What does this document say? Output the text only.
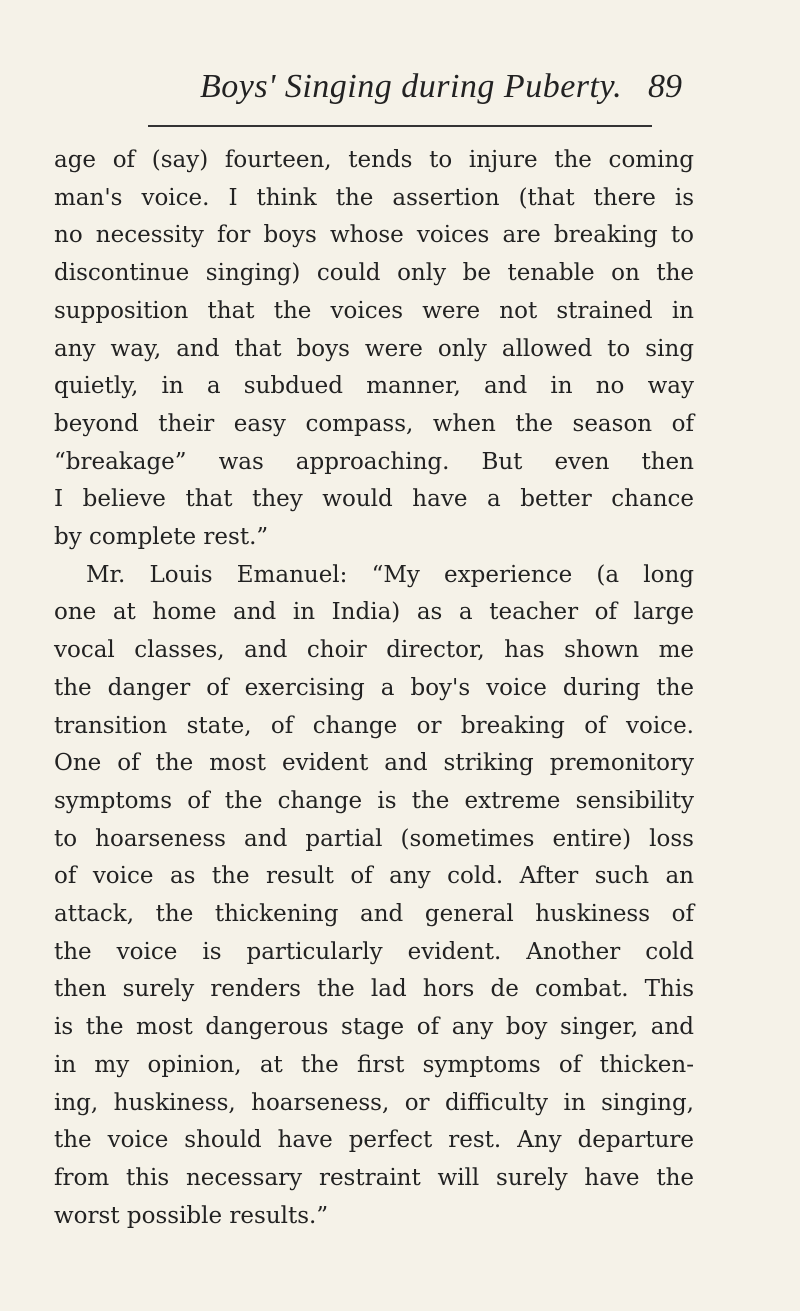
Boys' Singing during Puberty. 89
age of (say) fourteen, tends to injure the coming
man's voice. I think the assertion (that there is
no necessity for boys whose voices are breaking to
discontinue singing) could only be tenable on the
supposition that the voices were not strained in
any way, and that boys were only allowed to sing
quietly, in a subdued manner, and in no way
beyond their easy compass, when the season of
“breakage” was approaching. But even then
I believe that they would have a better chance
by complete rest.”
Mr. Louis Emanuel: “My experience (a long
one at home and in India) as a teacher of large
vocal classes, and choir director, has shown me
the danger of exercising a boy's voice during the
transition state, of change or breaking of voice.
One of the most evident and striking premonitory
symptoms of the change is the extreme sensibility
to hoarseness and partial (sometimes entire) loss
of voice as the result of any cold. After such an
attack, the thickening and general huskiness of
the voice is particularly evident. Another cold
then surely renders the lad hors de combat. This
is the most dangerous stage of any boy singer, and
in my opinion, at the first symptoms of thicken-
ing, huskiness, hoarseness, or difficulty in singing,
the voice should have perfect rest. Any departure
from this necessary restraint will surely have the
worst possible results.”
